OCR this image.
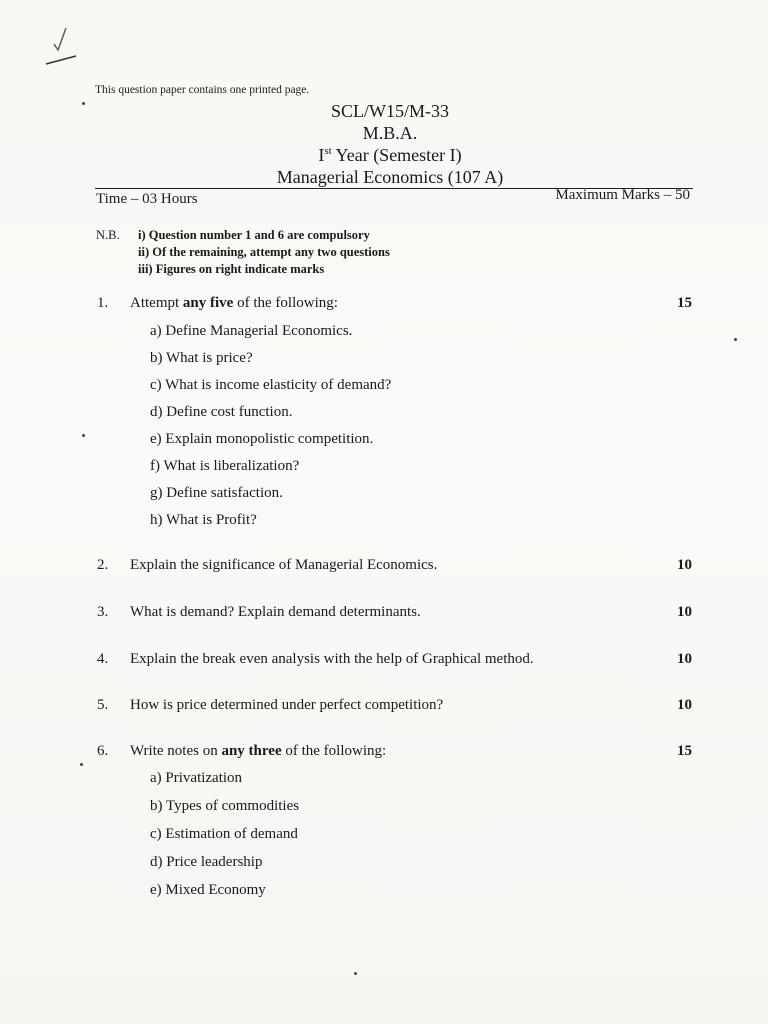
This question paper contains one printed page.
SCL/W15/M-33
M.B.A.
Ist Year (Semester I)
Managerial Economics (107 A)
Time – 03 Hours	Maximum Marks – 50
N.B. i) Question number 1 and 6 are compulsory
ii) Of the remaining, attempt any two questions
iii) Figures on right indicate marks
1. Attempt any five of the following:	15
a) Define Managerial Economics.
b) What is price?
c) What is income elasticity of demand?
d) Define cost function.
e) Explain monopolistic competition.
f) What is liberalization?
g) Define satisfaction.
h) What is Profit?
2. Explain the significance of Managerial Economics.	10
3. What is demand? Explain demand determinants.	10
4. Explain the break even analysis with the help of Graphical method.	10
5. How is price determined under perfect competition?	10
6. Write notes on any three of the following:	15
a) Privatization
b) Types of commodities
c) Estimation of demand
d) Price leadership
e) Mixed Economy
